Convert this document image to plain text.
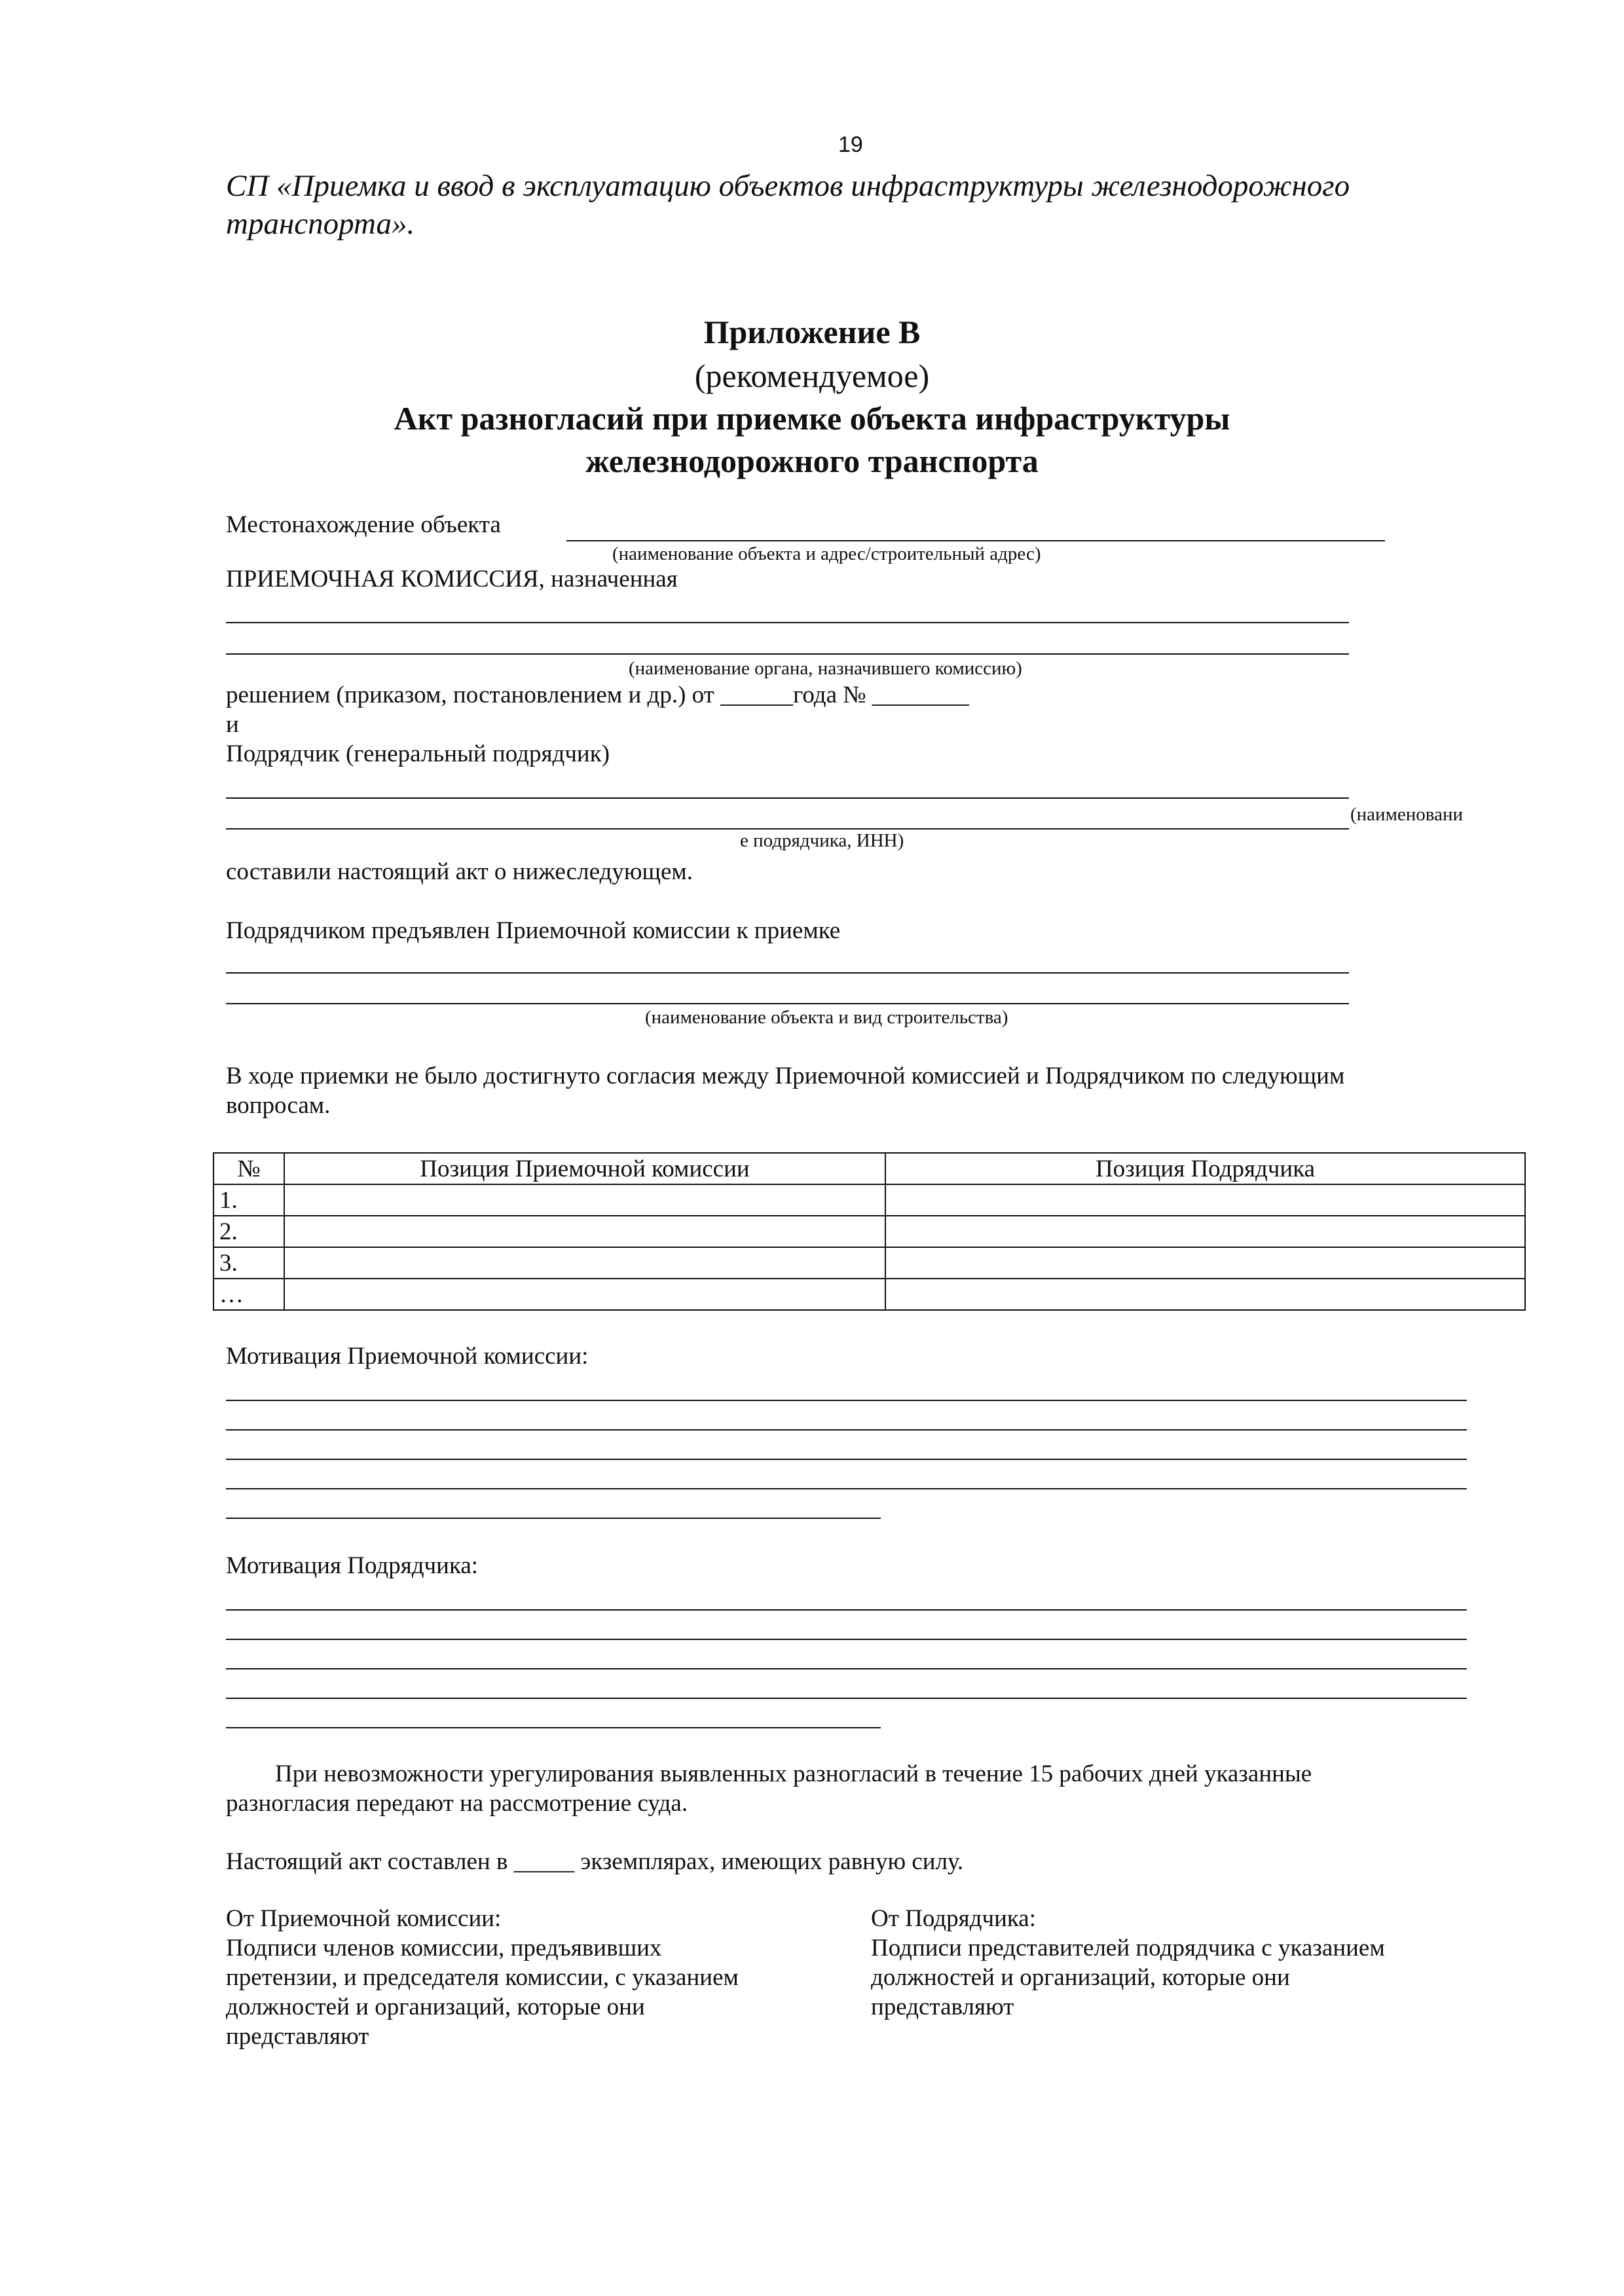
19
СП «Приемка и ввод в эксплуатацию объектов инфраструктуры железнодорожного транспорта».
Приложение В
(рекомендуемое)
Акт разногласий при приемке объекта инфраструктуры
железнодорожного транспорта
Местонахождение объекта
(наименование объекта и адрес/строительный адрес)
ПРИЕМОЧНАЯ КОМИССИЯ, назначенная
(наименование органа, назначившего комиссию)
решением (приказом, постановлением и др.) от ______года № ________
и
Подрядчик (генеральный подрядчик)
(наименовани
е подрядчика, ИНН)
составили настоящий акт о нижеследующем.
Подрядчиком предъявлен Приемочной комиссии к приемке
(наименование объекта и вид строительства)
В ходе приемки не было достигнуто согласия между Приемочной комиссией и Подрядчиком по следующим
вопросам.
№	Позиция Приемочной комиссии	Позиция Подрядчика
1.		
2.		
3.		
…		
Мотивация Приемочной комиссии:
Мотивация Подрядчика:
При невозможности урегулирования выявленных разногласий в течение 15 рабочих дней указанные
разногласия передают на рассмотрение суда.
Настоящий акт составлен в _____ экземплярах, имеющих равную силу.
От Приемочной комиссии:
Подписи членов комиссии, предъявивших
претензии, и председателя комиссии, с указанием
должностей и организаций, которые они
представляют
От Подрядчика:
Подписи представителей подрядчика с указанием
должностей и организаций, которые они
представляют
